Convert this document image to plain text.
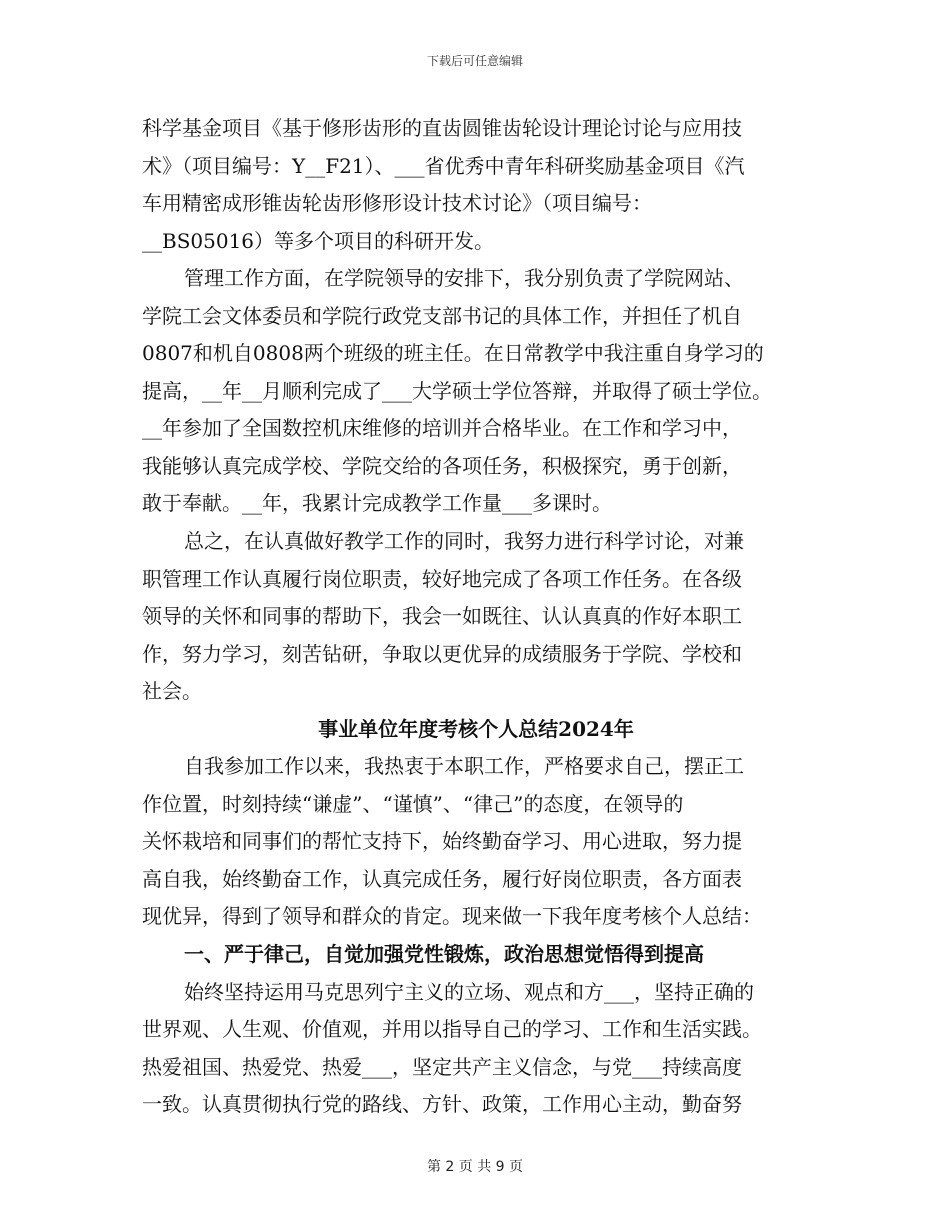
下载后可任意编辑
科学基金项目《基于修形齿形的直齿圆锥齿轮设计理论讨论与应用技
术》（项目编号：Y__F21）、___省优秀中青年科研奖励基金项目《汽
车用精密成形锥齿轮齿形修形设计技术讨论》（项目编号：
__BS05016）等多个项目的科研开发。
管理工作方面，在学院领导的安排下，我分别负责了学院网站、
学院工会文体委员和学院行政党支部书记的具体工作，并担任了机自
0807和机自0808两个班级的班主任。在日常教学中我注重自身学习的
提高，__年__月顺利完成了___大学硕士学位答辩，并取得了硕士学位。
__年参加了全国数控机床维修的培训并合格毕业。在工作和学习中，
我能够认真完成学校、学院交给的各项任务，积极探究，勇于创新，
敢于奉献。__年，我累计完成教学工作量___多课时。
总之，在认真做好教学工作的同时，我努力进行科学讨论，对兼
职管理工作认真履行岗位职责，较好地完成了各项工作任务。在各级
领导的关怀和同事的帮助下，我会一如既往、认认真真的作好本职工
作，努力学习，刻苦钻研，争取以更优异的成绩服务于学院、学校和
社会。
事业单位年度考核个人总结2024年
自我参加工作以来，我热衷于本职工作，严格要求自己，摆正工
作位置，时刻持续“谦虚”、“谨慎”、“律己”的态度，在领导的
关怀栽培和同事们的帮忙支持下，始终勤奋学习、用心进取，努力提
高自我，始终勤奋工作，认真完成任务，履行好岗位职责，各方面表
现优异，得到了领导和群众的肯定。现来做一下我年度考核个人总结：
一、严于律己，自觉加强党性锻炼，政治思想觉悟得到提高
始终坚持运用马克思列宁主义的立场、观点和方___，坚持正确的
世界观、人生观、价值观，并用以指导自己的学习、工作和生活实践。
热爱祖国、热爱党、热爱___，坚定共产主义信念，与党___持续高度
一致。认真贯彻执行党的路线、方针、政策，工作用心主动，勤奋努
第 2 页 共 9 页
